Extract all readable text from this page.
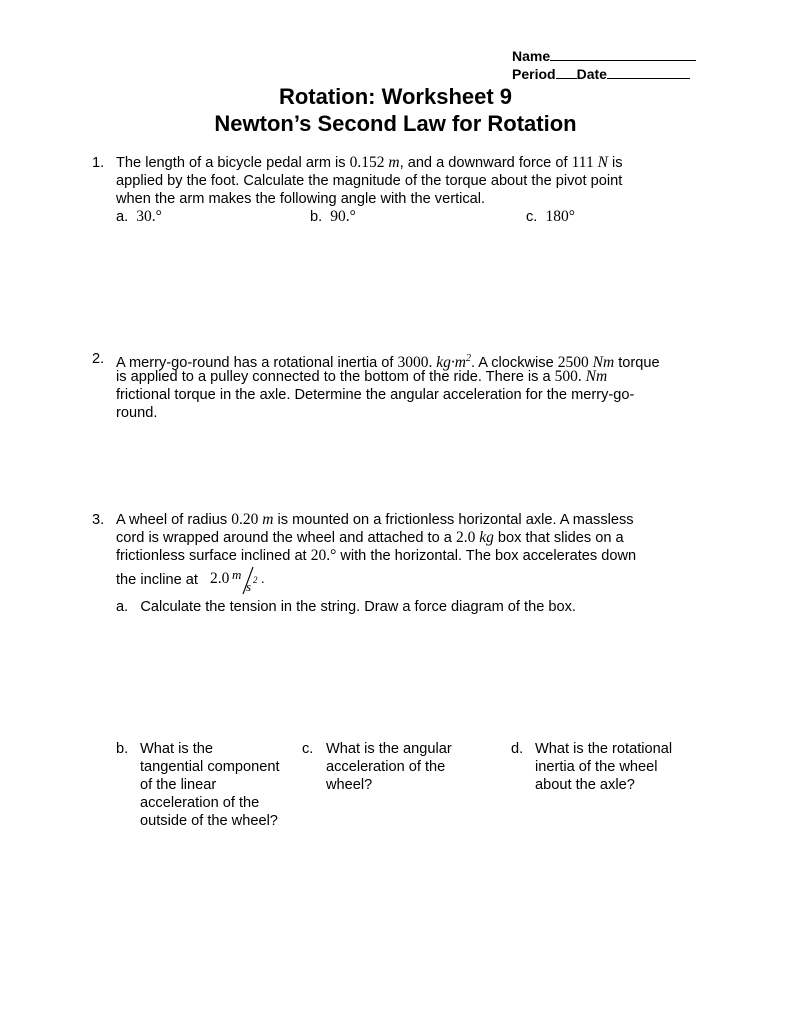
Name
Period Date
Rotation: Worksheet 9
Newton’s Second Law for Rotation
1. The length of a bicycle pedal arm is 0.152 m, and a downward force of 111 N is
applied by the foot. Calculate the magnitude of the torque about the pivot point
when the arm makes the following angle with the vertical.
a. 30.°	b. 90.°	c. 180°
2. A merry-go-round has a rotational inertia of 3000. $kg\cdot m^2$. A clockwise 2500 Nm torque
is applied to a pulley connected to the bottom of the ride. There is a 500. Nm
frictional torque in the axle. Determine the angular acceleration for the merry-go-
round.
3. A wheel of radius 0.20 m is mounted on a frictionless horizontal axle. A massless
cord is wrapped around the wheel and attached to a 2.0 kg box that slides on a
frictionless surface inclined at 20.° with the horizontal. The box accelerates down
the incline at 2.0 m
s 2 .
a. Calculate the tension in the string. Draw a force diagram of the box.
b. What is the tangential component of the linear acceleration of the outside of the wheel?
c. What is the angular acceleration of the wheel?
d. What is the rotational inertia of the wheel about the axle?
